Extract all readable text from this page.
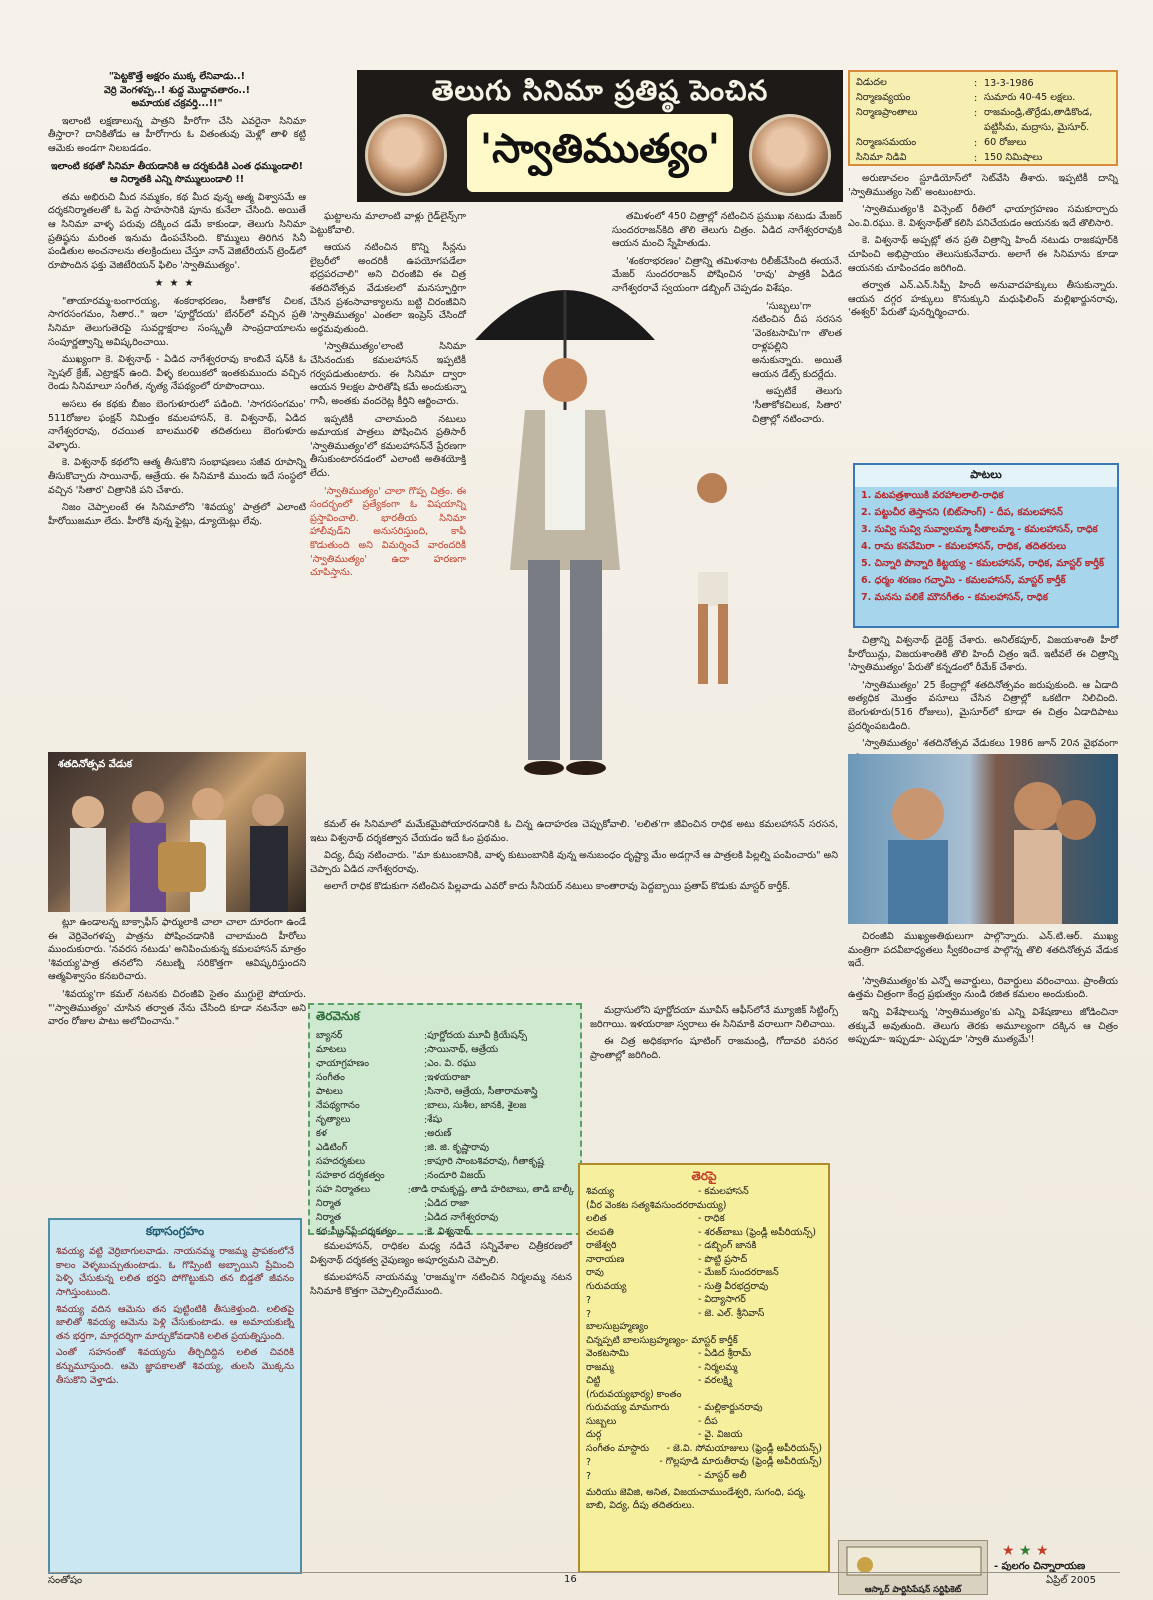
తెలుగు సినిమా ప్రతిష్ఠ పెంచిన
'స్వాతిముత్యం'
విడుదల	: 13-3-1986
నిర్మాణవ్యయం	: సుమారు 40-45 లక్షలు.
నిర్మాణప్రాంతాలు	: రాజమండ్రి,తొర్రేడు,తాడికొండ,
పట్టిసీమ, మద్రాసు, మైసూర్.
నిర్మాణసమయం	: 60 రోజులు
సినిమా నిడివి	: 150 నిమిషాలు
"పెట్టకొత్తే అక్షరం ముక్క లేనివాడు..!
వెర్రి వెంగళప్ప..! శుద్ద మొద్దావతారం..!
అమాయక చక్రవర్తి...!!"

ఇలాంటి లక్షణాలున్న పాత్రని హీరోగా చేసి ఎవరైనా సినిమా తీస్తారా? దానికితోడు ఆ హీరోగారు ఓ వితంతువు మెళ్లో తాళి కట్టి ఆమెకు అండగా నిలబడడం.

ఇలాంటి కథతో సినిమా తీయడానికి ఆ దర్శకుడికి ఎంత ధమ్ముండాలి! ఆ నిర్మాతకి ఎన్ని సొమ్ములుండాలి !!

తమ అభిరుచి మీద నమ్మకం, కథ మీద వున్న ఆత్మ విశ్వాసమే ఆ దర్శకనిర్మాతలతో ఓ పెద్ద సాహసానికి పూను కునేలా చేసింది. అయితే ఆ సినిమా వాళ్ళ పరువు దక్కించ డమే కాకుండా, తెలుగు సినిమా ప్రతిష్ఠను మరింత ఇనుమ డింపచేసింది. కొమ్ములు తిరిగిన సినీ పండితుల అంచనాలను తలక్రిందులు చేస్తూ నాన్ వెజిటేరియన్ ట్రెండ్‌లో రూపొందిన ఫక్తు వెజిటేరియన్ ఫిలిం 'స్వాతిముత్యం'.

★★★

"తాయారమ్మ-బంగారయ్య, శంకరాభరణం, సీతాకోక చిలక, సాగరసంగమం, సితార.." ఇలా 'పూర్ణోదయ' బేనర్‌లో వచ్చిన ప్రతి సినిమా తెలుగుతెరపై సువర్ణాక్షరాల సంస్కృతీ సాంప్రదాయాలను సంపూర్ణత్వాన్ని అవిష్కరించాయి.

ముఖ్యంగా కె. విశ్వనాథ్ - ఏడిద నాగేశ్వరరావు కాంబినే షన్‌కి ఓ స్పెషల్ క్రేజ్, ఎట్రాక్షన్ ఉంది. వీళ్ళ కలయికలో ఇంతకుముందు వచ్చిన రెండు సినిమాలూ సంగీత, నృత్య నేపథ్యంలో రూపొందాయి.

అసలు ఈ కథకు బీజం బెంగుళూరులో పడింది. 'సాగరసంగమం' 511రోజుల ఫంక్షన్ నిమిత్తం కమలహాసన్, కె. విశ్వనాథ్, ఏడిద నాగేశ్వరరావు, రచయిత బాలమురళి తదితరులు బెంగుళూరు వెళ్ళారు.

కె. విశ్వనాథ్ కథలోని ఆత్మ తీసుకొని సంభాషణలు సజీవ రూపాన్ని తీసుకొచ్చారు సాయినాథ్, ఆత్రేయ. ఈ సినిమాకి ముందు ఇదే సంస్థలో వచ్చిన 'సితార' చిత్రానికి పని చేశారు.

నిజం చెప్పాలంటే ఈ సినిమాలోని 'శివయ్య' పాత్రలో ఎలాంటి హీరోయిజమూ లేదు. హీరోకి వున్న ఫైట్లు, డ్యూయెట్లు లేవు.

శతదినోత్సవ వేడుక

ఘట్టాలను మాలాంటి వాళ్లు గైడ్‌లైన్స్‌గా పెట్టుకోవాలి.

ఆయన నటించిన కొన్ని సీన్లను లైబ్రరీలో అందరికీ ఉపయోగపడేలా భద్రపరచాలి" అని చిరంజీవి ఈ చిత్ర శతదినోత్సవ వేడుకలలో మనస్ఫూర్తిగా చేసిన ప్రశంసావాక్యాలను బట్టి చిరంజీవిని 'స్వాతిముత్యం' ఎంతలా ఇంప్రెస్ చేసిందో అర్థమవుతుంది.

'స్వాతిముత్యం'లాంటి సినిమా చేసినందుకు కమలహాసన్ ఇప్పటికీ గర్వపడుతుంటారు. ఈ సినిమా ద్వారా ఆయన 9లక్షల పారితోషి కమే అందుకున్నా గానీ, అంతకు వందరెట్ల కీర్తిని ఆర్జించారు.

ఇప్పటికీ చాలామంది నటులు అమాయక పాత్రలు పోషించిన ప్రతిసారీ 'స్వాతిముత్యం'లో కమలహాసన్‌నే ప్రేరణగా తీసుకుంటారనడంలో ఎలాంటి అతిశయోక్తి లేదు.

'స్వాతిముత్యం' చాలా గొప్ప చిత్రం. ఈ సందర్భంలో ప్రత్యేకంగా ఓ విషయాన్ని ప్రస్తావించాలి. భారతీయ సినిమా హాలీవుడ్‌ని అనుసరిస్తుంది, కాపీ కొడుతుంది అని విమర్శించే వారందరికీ 'స్వాతిముత్యం' ఉదా హరణగా చూపిస్తాను.

తమిళంలో 450 చిత్రాల్లో నటించిన ప్రముఖ నటుడు మేజర్ సుందరరాజన్‌కిది తొలి తెలుగు చిత్రం. ఏడిద నాగేశ్వరరావుకి ఆయన మంచి స్నేహితుడు.

'శంకరాభరణం' చిత్రాన్ని తమిళనాట రిలీజ్‌చేసింది ఈయనే. మేజర్ సుందరరాజన్ పోషించిన 'రావు' పాత్రకి ఏడిద నాగేశ్వరరావే స్వయంగా డబ్బింగ్ చెప్పడం విశేషం.

'సుబ్బలు'గా నటించిన దీప సరసన 'వెంకటసామి'గా తొలత రాళ్లపల్లిని అనుకున్నారు. అయితే ఆయన డేట్స్ కుదర్లేదు.

అప్పటికే తెలుగు 'సీతాకోకచిలుక, సితార' చిత్రాల్లో నటించారు.

అరుణాచలం స్టూడియోస్‌లో సెట్‌వేసి తీశారు. ఇప్పటికీ దాన్ని 'స్వాతిముత్యం సెట్' అంటుంటారు.

'స్వాతిముత్యం'కి విన్సెంట్ రీతిలో ఛాయాగ్రహణం సమకూర్చారు ఎం.వి.రఘు. కె. విశ్వనాథ్‌తో కలిసి పనిచేయడం ఆయనకు ఇదే తొలిసారి.

కె. విశ్వనాథ్ అప్పట్లో తన ప్రతి చిత్రాన్ని హిందీ నటుడు రాజకపూర్‌కి చూపించి అభిప్రాయం తెలుసుకునేవారు. అలాగే ఈ సినిమాను కూడా ఆయనకు చూపించడం జరిగింది.

తర్వాత ఎన్.ఎన్.సిప్పీ హిందీ అనువాదహక్కులు తీసుకున్నారు. ఆయన దగ్గర హక్కులు కొనుక్కుని మధుఫిలింస్ మల్లిఖార్జునరావు, 'ఈశ్వర్' పేరుతో పునర్నిర్మించారు.

పాటలు
1. వటపత్రశాయికి వరహాలలాలి-రాధిక
2. పట్టుచీర తెస్తానని (బిట్‌సాంగ్) - దీప, కమలహాసన్
3. సువ్వి సువ్వి సువ్వాలమ్మా సీతాలమ్మా - కమలహాసన్, రాధిక
4. రామ కనవేమిరా - కమలహాసన్, రాధిక, తదితరులు
5. చిన్నారి పొన్నారి కిట్టయ్య - కమలహాసన్, రాధిక, మాస్టర్ కార్తీక్
6. ధర్మం శరణం గచ్ఛామి - కమలహాసన్, మాస్టర్ కార్తీక్
7. మనసు పలికే మౌనగీతం - కమలహాసన్, రాధిక

చిత్రాన్ని విశ్వనాథ్ డైరెక్ట్ చేశారు. అనిల్‌కపూర్, విజయశాంతి హీరో హీరోయిన్లు, విజయశాంతికి తొలి హిందీ చిత్రం ఇదే. ఇటీవలే ఈ చిత్రాన్ని 'స్వాతిముత్యం' పేరుతో కన్నడంలో రీమేక్ చేశారు.

'స్వాతిముత్యం' 25 కేంద్రాల్లో శతదినోత్సవం జరుపుకుంది. ఆ ఏడాది అత్యధిక మొత్తం వసూలు చేసిన చిత్రాల్లో ఒకటిగా నిలిచింది. బెంగుళూరు(516 రోజులు), మైసూర్‌లో కూడా ఈ చిత్రం ఏడాదిపాటు ప్రదర్శింపబడింది.

'స్వాతిముత్యం' శతదినోత్సవ వేడుకలు 1986 జూన్ 20న వైభవంగా

చిరంజీవి ముఖ్యఅతిథులుగా పాల్గొన్నారు. ఎన్.టి.ఆర్. ముఖ్య మంత్రిగా పదవీబాధ్యతలు స్వీకరించాక పాల్గొన్న తొలి శతదినోత్సవ వేడుక ఇదే.

'స్వాతిముత్యం'కు ఎన్నో అవార్డులు, రివార్డులు వరించాయి. ప్రాంతీయ ఉత్తమ చిత్రంగా కేంద్ర ప్రభుత్వం నుండి రజిత కమలం అందుకుంది.

ఇన్ని విశేషాలున్న 'స్వాతిముత్యం'కు ఎన్ని విశేషణాలు జోడించినా తక్కువే అవుతుంది. తెలుగు తెరకు అమూల్యంగా దక్కిన ఆ చిత్రం అప్పుడూ- ఇప్పుడూ- ఎప్పుడూ 'స్వాతి ముత్యమే'!

ఆస్కార్ పార్టిసిపేషన్ సర్టిఫికెట్
★ ★ ★
- పులగం చిన్నారాయణ

ట్లూ ఉండాలన్న బాక్సాఫీస్ ఫార్ములాకి చాలా చాలా దూరంగా ఉండే ఈ వెర్రివెంగళప్ప పాత్రను పోషించడానికి చాలామంది హీరోలు ముందుకురారు. 'నవరస నటుడు' అనిపించుకున్న కమలహాసన్ మాత్రం 'శివయ్య'పాత్ర తనలోని నటుణ్ని సరికొత్తగా ఆవిష్కరిస్తుందని ఆత్మవిశ్వాసం కనబరిచారు.

'శివయ్య'గా కమల్ నటనకు చిరంజీవి సైతం ముగ్ధులై పోయారు. "'స్వాతిముత్యం' చూసిన తర్వాత నేను చేసింది కూడా నటనేనా అని వారం రోజుల పాటు అలోచించాను."

కమల్ ఈ సినిమాలో మమేకమైపోయారనడానికి ఓ చిన్న ఉదాహరణ చెప్పుకోవాలి. 'లలిత'గా జీవించిన రాధిక అటు కమలహాసన్ సరసన, ఇటు విశ్వనాథ్ దర్శకత్వాన చేయడం ఇదే ఓం ప్రథమం.

విద్య, దీపు నటించారు. "మా కుటుంబానికి, వాళ్ళ కుటుంబానికి వున్న అనుబంధం దృష్ట్యా మేం అడగ్గానే ఆ పాత్రలకి పిల్లల్ని పంపించారు" అని చెప్పారు ఏడిద నాగేశ్వరరావు.

అలాగే రాధిక కొడుకుగా నటించిన పిల్లవాడు ఎవరో కాదు సీనియర్ నటులు కాంతారావు పెద్దబ్బాయి ప్రతాప్ కొడుకు మాస్టర్ కార్తీక్.

మద్రాసులోని పూర్ణోదయా మూవీస్ ఆఫీస్‌లోనే మ్యూజిక్ సిట్టింగ్స్ జరిగాయి. ఇళయరాజా స్వరాలు ఈ సినిమాకి వరాలుగా నిలిచాయి.

ఈ చిత్ర అధికభాగం షూటింగ్ రాజమండ్రి, గోదావరి పరిసర ప్రాంతాల్లో జరిగింది.

తెరవెనుక
బ్యానర్	: పూర్ణోదయ మూవీ క్రియేషన్స్
మాటలు	: సాయినాథ్, ఆత్రేయ
ఛాయాగ్రహణం	: ఎం. వి. రఘు
సంగీతం	: ఇళయరాజా
పాటలు	: సినారె, ఆత్రేయ, సీతారామశాస్త్రి
నేపథ్యగానం	: బాలు, సుశీల, జానకి, శైలజ
నృత్యాలు	: శేషు
కళ	: అరుణ్
ఎడిటింగ్	: జి. జి. కృష్ణారావు
సహదర్శకులు	: కాపూరి సాంబశివరావు, గీతాకృష్ణ
సహకార దర్శకత్వం	: నందూరి విజయ్
సహ నిర్మాతలు	: తాడి రామకృష్ణ, తాడి హరిబాబు, తాడి బాల్కీ
నిర్మాత	: ఏడిద రాజా
నిర్మాత	: ఏడిద నాగేశ్వరరావు
కథ-స్క్రీన్‌ప్లే-దర్శకత్వం	: కె. విశ్వనాథ్

కమలహాసన్, రాధికల మధ్య నడిచే సన్నివేశాల చిత్రీకరణలో విశ్వనాథ్ దర్శకత్వ నైపుణ్యం అపూర్వమని చెప్పాలి.

కమలహాసన్ నాయనమ్మ 'రాజమ్మ'గా నటించిన నిర్మలమ్మ నటన సినిమాకి కొత్తగా చెప్పాల్సిందేముంది.

తెరపై
శివయ్య	- కమలహాసన్
(వీర వెంకట సత్యశివసుందరరామయ్య)
లలిత	- రాధిక
చలపతి	- శరత్‌బాబు (ఫ్రెండ్లీ అపీరియన్స్)
రాజేశ్వరి	- డబ్బింగ్ జానకి
నారాయణ	- పొట్టి ప్రసాద్
రావు	- మేజర్ సుందరరాజన్
గురువయ్య	- సుత్తి వీరభద్రరావు
?	- విద్యాసాగర్
?	- జె. ఎల్. శ్రీనివాస్
బాలసుబ్రహ్మణ్యం
చిన్నప్పటి బాలసుబ్రహ్మణ్యం - మాస్టర్ కార్తీక్
వెంకటసామి	- ఏడిద శ్రీరామ్
రాజమ్మ	- నిర్మలమ్మ
చిట్టి	- వరలక్ష్మి
(గురువయ్యభార్య) కాంతం
గురువయ్య మామగారు	- మల్లికార్జునరావు
సుబ్బలు	- దీప
దుర్గ	- వై. విజయ
సంగీతం మాస్టారు	- జె.వి. సోమయాజులు (ఫ్రెండ్లీ అపీరియన్స్)
?	- గొల్లపూడి మారుతీరావు (ఫ్రెండ్లీ అపీరియన్స్)
?	- మాస్టర్ అలీ
మరియు జెవిజి, అనిత, విజయచాముండేశ్వరి, సుగంధి, పద్మ, బాబి, విద్య, దీపు తదితరులు.
కథాసంగ్రహం

శివయ్య వట్టి వెర్రిబాగులవాడు. నాయనమ్మ రాజమ్మ ప్రాపకంలోనే కాలం వెళ్ళబుచ్చుతుంటాడు. ఓ గొప్పింటి అబ్బాయిని ప్రేమించి పెళ్ళి చేసుకున్న లలిత భర్తని పోగొట్టుకుని తన బిడ్డతో జీవనం సాగిస్తుంటుంది.

శివయ్య వదిన ఆమెను తన పుట్టింటికి తీసుకెళ్తుంది. లలితపై జాలితో శివయ్య ఆమెను పెళ్లి చేసుకుంటాడు. ఆ అమాయకుణ్ని తన భర్తగా, మార్గదర్శిగా మార్చుకోవడానికి లలిత ప్రయత్నిస్తుంది.

ఎంతో సహనంతో శివయ్యను తీర్చిదిద్దిన లలిత చివరికి కన్నుమూస్తుంది. ఆమె జ్ఞాపకాలతో శివయ్య, తులసి మొక్కను తీసుకొని వెళ్తాడు.

సంతోషం	16	ఏప్రిల్ 2005
